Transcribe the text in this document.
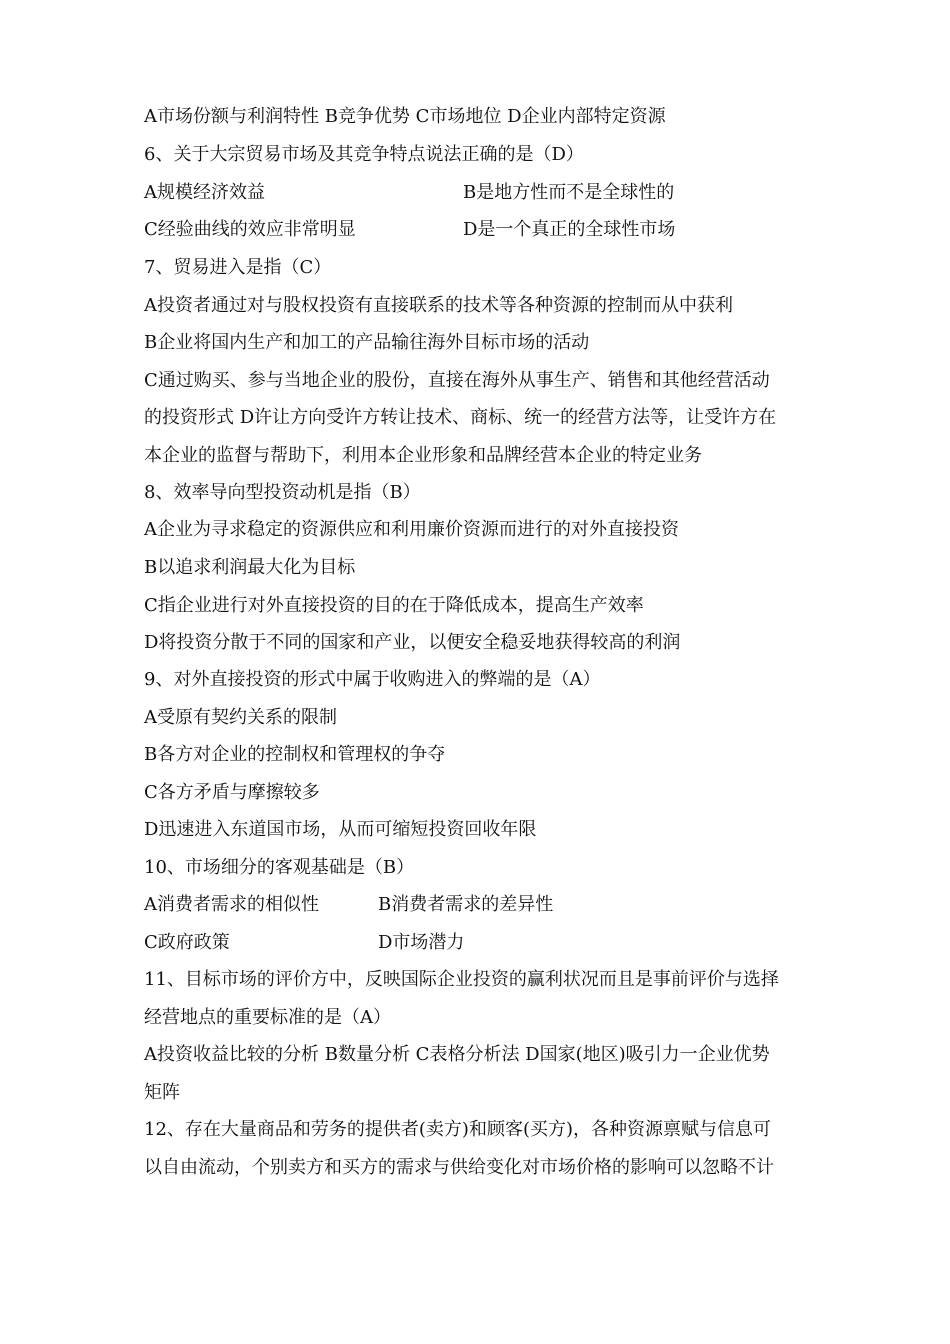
A市场份额与利润特性 B竞争优势 C市场地位 D企业内部特定资源
6、关于大宗贸易市场及其竞争特点说法正确的是（D）
A规模经济效益	B是地方性而不是全球性的
C经验曲线的效应非常明显	D是一个真正的全球性市场
7、贸易进入是指（C）
A投资者通过对与股权投资有直接联系的技术等各种资源的控制而从中获利
B企业将国内生产和加工的产品输往海外目标市场的活动
C通过购买、参与当地企业的股份，直接在海外从事生产、销售和其他经营活动
的投资形式 D许让方向受许方转让技术、商标、统一的经营方法等，让受许方在
本企业的监督与帮助下，利用本企业形象和品牌经营本企业的特定业务
8、效率导向型投资动机是指（B）
A企业为寻求稳定的资源供应和利用廉价资源而进行的对外直接投资
B以追求利润最大化为目标
C指企业进行对外直接投资的目的在于降低成本，提高生产效率
D将投资分散于不同的国家和产业，以便安全稳妥地获得较高的利润
9、对外直接投资的形式中属于收购进入的弊端的是（A）
A受原有契约关系的限制
B各方对企业的控制权和管理权的争夺
C各方矛盾与摩擦较多
D迅速进入东道国市场，从而可缩短投资回收年限
10、市场细分的客观基础是（B）
A消费者需求的相似性	B消费者需求的差异性
C政府政策	D市场潜力
11、目标市场的评价方中，反映国际企业投资的赢利状况而且是事前评价与选择
经营地点的重要标准的是（A）
A投资收益比较的分析 B数量分析 C表格分析法 D国家(地区)吸引力一企业优势
矩阵
12、存在大量商品和劳务的提供者(卖方)和顾客(买方)，各种资源禀赋与信息可
以自由流动，个别卖方和买方的需求与供给变化对市场价格的影响可以忽略不计
